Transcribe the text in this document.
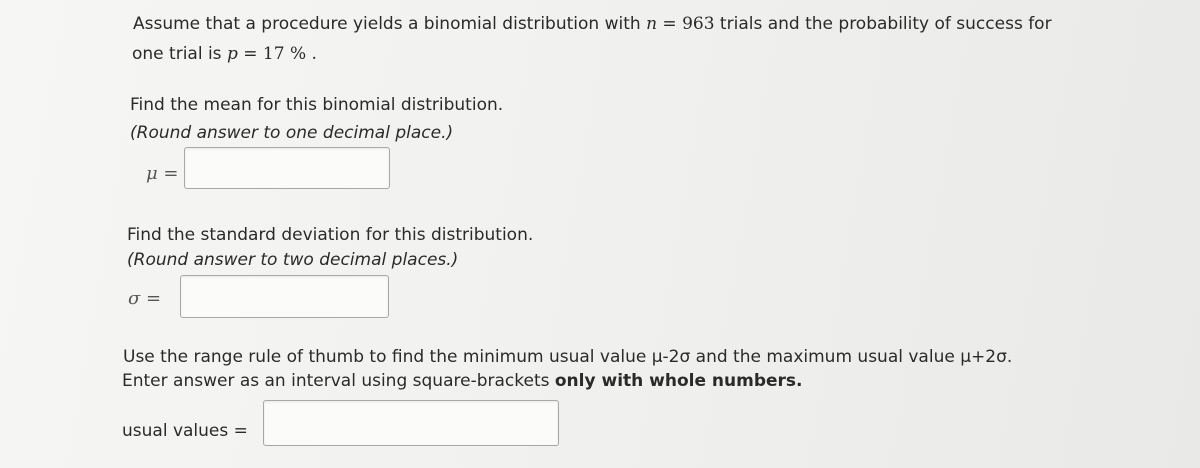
Assume that a procedure yields a binomial distribution with n = 963 trials and the probability of success for
one trial is p = 17 % .
Find the mean for this binomial distribution.
(Round answer to one decimal place.)
μ =
Find the standard deviation for this distribution.
(Round answer to two decimal places.)
σ =
Use the range rule of thumb to find the minimum usual value μ-2σ and the maximum usual value μ+2σ.
Enter answer as an interval using square-brackets only with whole numbers.
usual values =
